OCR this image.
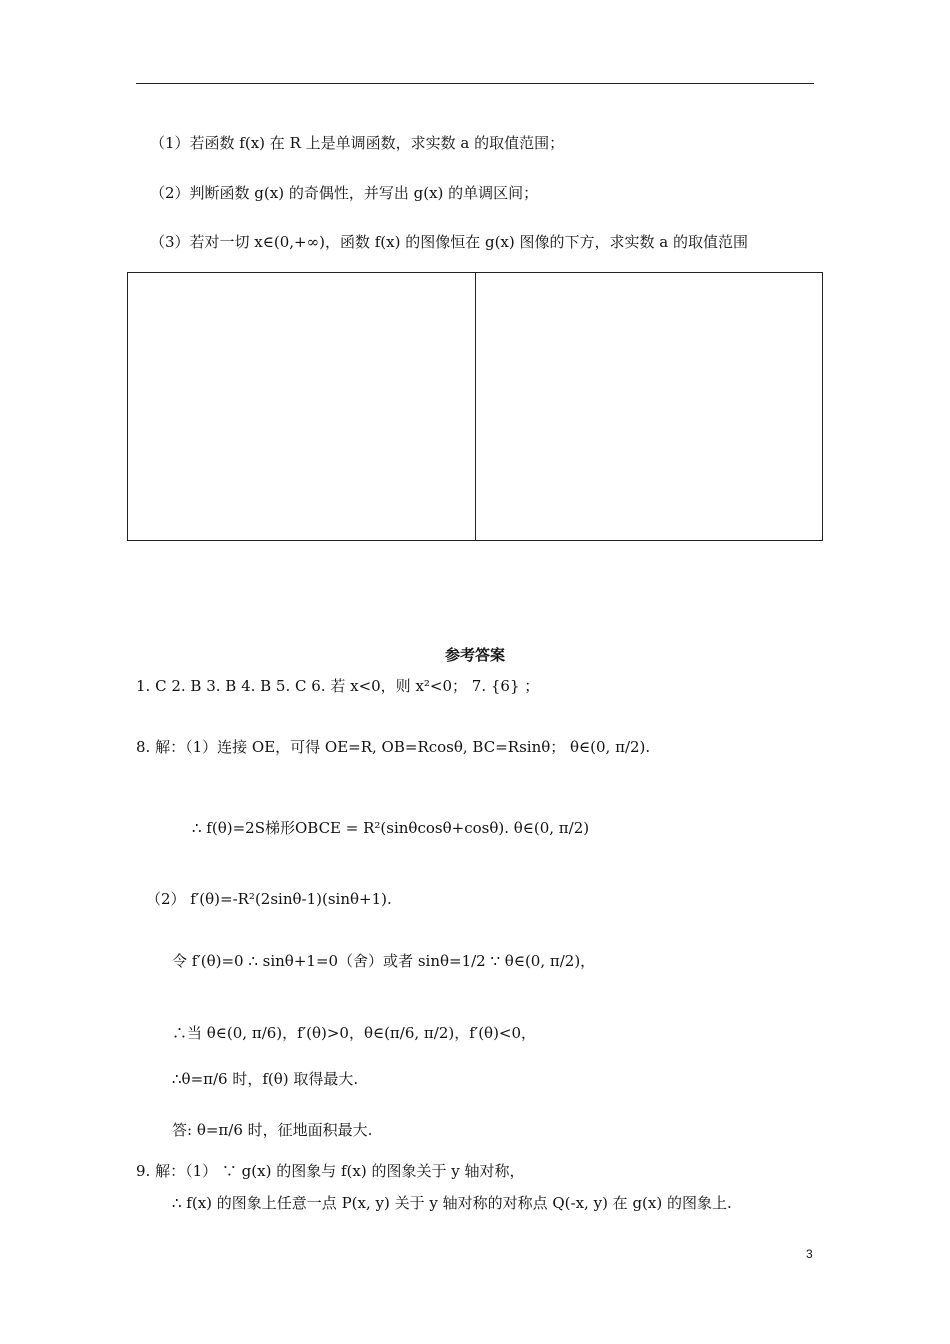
（1）若函数 f(x) 在 R 上是单调函数，求实数 a 的取值范围；
（2）判断函数 g(x) 的奇偶性，并写出 g(x) 的单调区间；
（3）若对一切 x∈(0,+∞)，函数 f(x) 的图像恒在 g(x) 图像的下方，求实数 a 的取值范围
参考答案
1. C 2. B 3. B 4. B 5. C 6. 若 x<0，则 x²<0； 7. {6} ；
8. 解：（1）连接 OE，可得 OE=R, OB=Rcosθ, BC=Rsinθ； θ∈(0, π/2).
∴ f(θ)=2S梯形OBCE = R²(sinθcosθ+cosθ). θ∈(0, π/2)
（2） f′(θ)=-R²(2sinθ-1)(sinθ+1).
令 f′(θ)=0 ∴ sinθ+1=0（舍）或者 sinθ=1/2 ∵ θ∈(0, π/2)，
∴当 θ∈(0, π/6)，f′(θ)>0，θ∈(π/6, π/2)，f′(θ)<0，
∴θ=π/6 时，f(θ) 取得最大.
答: θ=π/6 时，征地面积最大.
9. 解：（1） ∵ g(x) 的图象与 f(x) 的图象关于 y 轴对称，
∴ f(x) 的图象上任意一点 P(x, y) 关于 y 轴对称的对称点 Q(-x, y) 在 g(x) 的图象上.
3
